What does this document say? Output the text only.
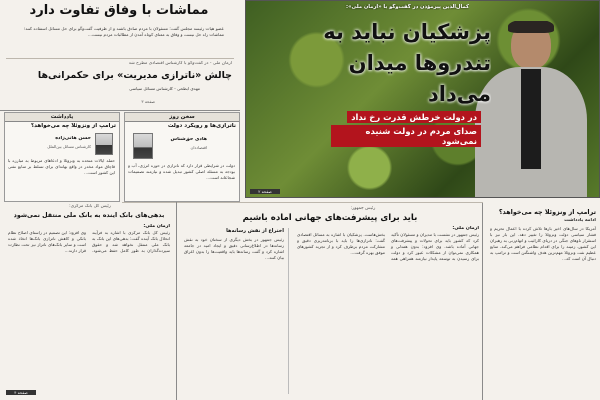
مماشات با وفاق تفاوت دارد
عضو هیات رئیسه مجلس گفت: مسئولان با مردم صادق باشند و از ظرفیت گفت‌وگو برای حل مسائل استفاده کنند؛ مماشات راه حل نیست و وفاق به معنای کوتاه آمدن از مطالبات مردم نیست...
آرمان ملی - در گفت‌وگو با کارشناس اقتصادی مطرح شد
چالش «ناترازی مدیریت» برای حکمرانی‌ها
مهدی ابطحی - کارشناس مسائل سیاسی
صفحه ۳
کمال‌الدین پیرمؤذن در گفت‌وگو با «آرمان ملی»:
پزشکیان نباید به تندروها میدان می‌داد
در دولت خرطش قدرت رخ نداد
صدای مردم در دولت شنیده نمی‌شود
صفحه ۲
یادداشت
ترامپ از ونزوئلا چه می‌خواهد؟
حسن هانی‌زاده
کارشناس مسائل بین‌الملل
حمله ایالات متحده به ونزوئلا و ادعاهای مربوط به مبارزه با قاچاق مواد مخدر در واقع بهانه‌ای برای تسلط بر منابع نفتی این کشور است...
سخن روز
ناترازی‌ها و رویکرد دولت
هادی حق‌شناس
اقتصاددان
دولت در شرایطی قرار دارد که ناترازی در حوزه انرژی، آب و بودجه به مسئله اصلی کشور تبدیل شده و نیازمند تصمیمات شجاعانه است...
ترامپ از ونزوئلا چه می‌خواهد؟
ادامه یادداشت
آمریکا در سال‌های اخیر بارها تلاش کرده با اعمال تحریم و فشار سیاسی دولت ونزوئلا را تغییر دهد. این بار نیز با استقرار ناوهای جنگی در دریای کارائیب و اتهام‌زنی به رهبران این کشور، زمینه را برای اقدام نظامی فراهم می‌کند. منابع عظیم نفت ونزوئلا مهم‌ترین هدف واشنگتن است و ترامپ به دنبال آن است که...
رئیس جمهور:
باید برای پیشرفت‌های جهانی آماده باشیم
آرمان ملی:
رئیس جمهور در نشست با مدیران و مسئولان تأکید کرد که کشور باید برای تحولات و پیشرفت‌های جهانی آماده باشد. وی افزود: بدون همدلی و همکاری نمی‌توان از مشکلات عبور کرد و دولت برای رسیدن به توسعه پایدار نیازمند همراهی همه بخش‌هاست. پزشکیان با اشاره به مسائل اقتصادی گفت: ناترازی‌ها را باید با برنامه‌ریزی دقیق و مشارکت مردم برطرف کرد و از تجربه کشورهای موفق بهره گرفت...
اختراع از نقش رسانه‌ها
رئیس جمهور در بخش دیگری از سخنان خود به نقش رسانه‌ها در اطلاع‌رسانی دقیق و ایجاد امید در جامعه اشاره کرد و گفت رسانه‌ها باید واقعیت‌ها را بدون اغراق بیان کنند...
رئیس کل بانک مرکزی:
بدهی‌های بانک آینده به بانک ملی منتقل نمی‌شود
آرمان ملی:
رئیس کل بانک مرکزی با اشاره به فرآیند انحلال بانک آینده گفت: بدهی‌های این بانک به بانک ملی منتقل نخواهد شد و حقوق سپرده‌گذاران به طور کامل حفظ می‌شود. وی افزود: این تصمیم در راستای اصلاح نظام بانکی و کاهش ناترازی بانک‌ها اتخاذ شده است و سایر بانک‌های ناتراز نیز تحت نظارت قرار دارند...
صفحه ۴
